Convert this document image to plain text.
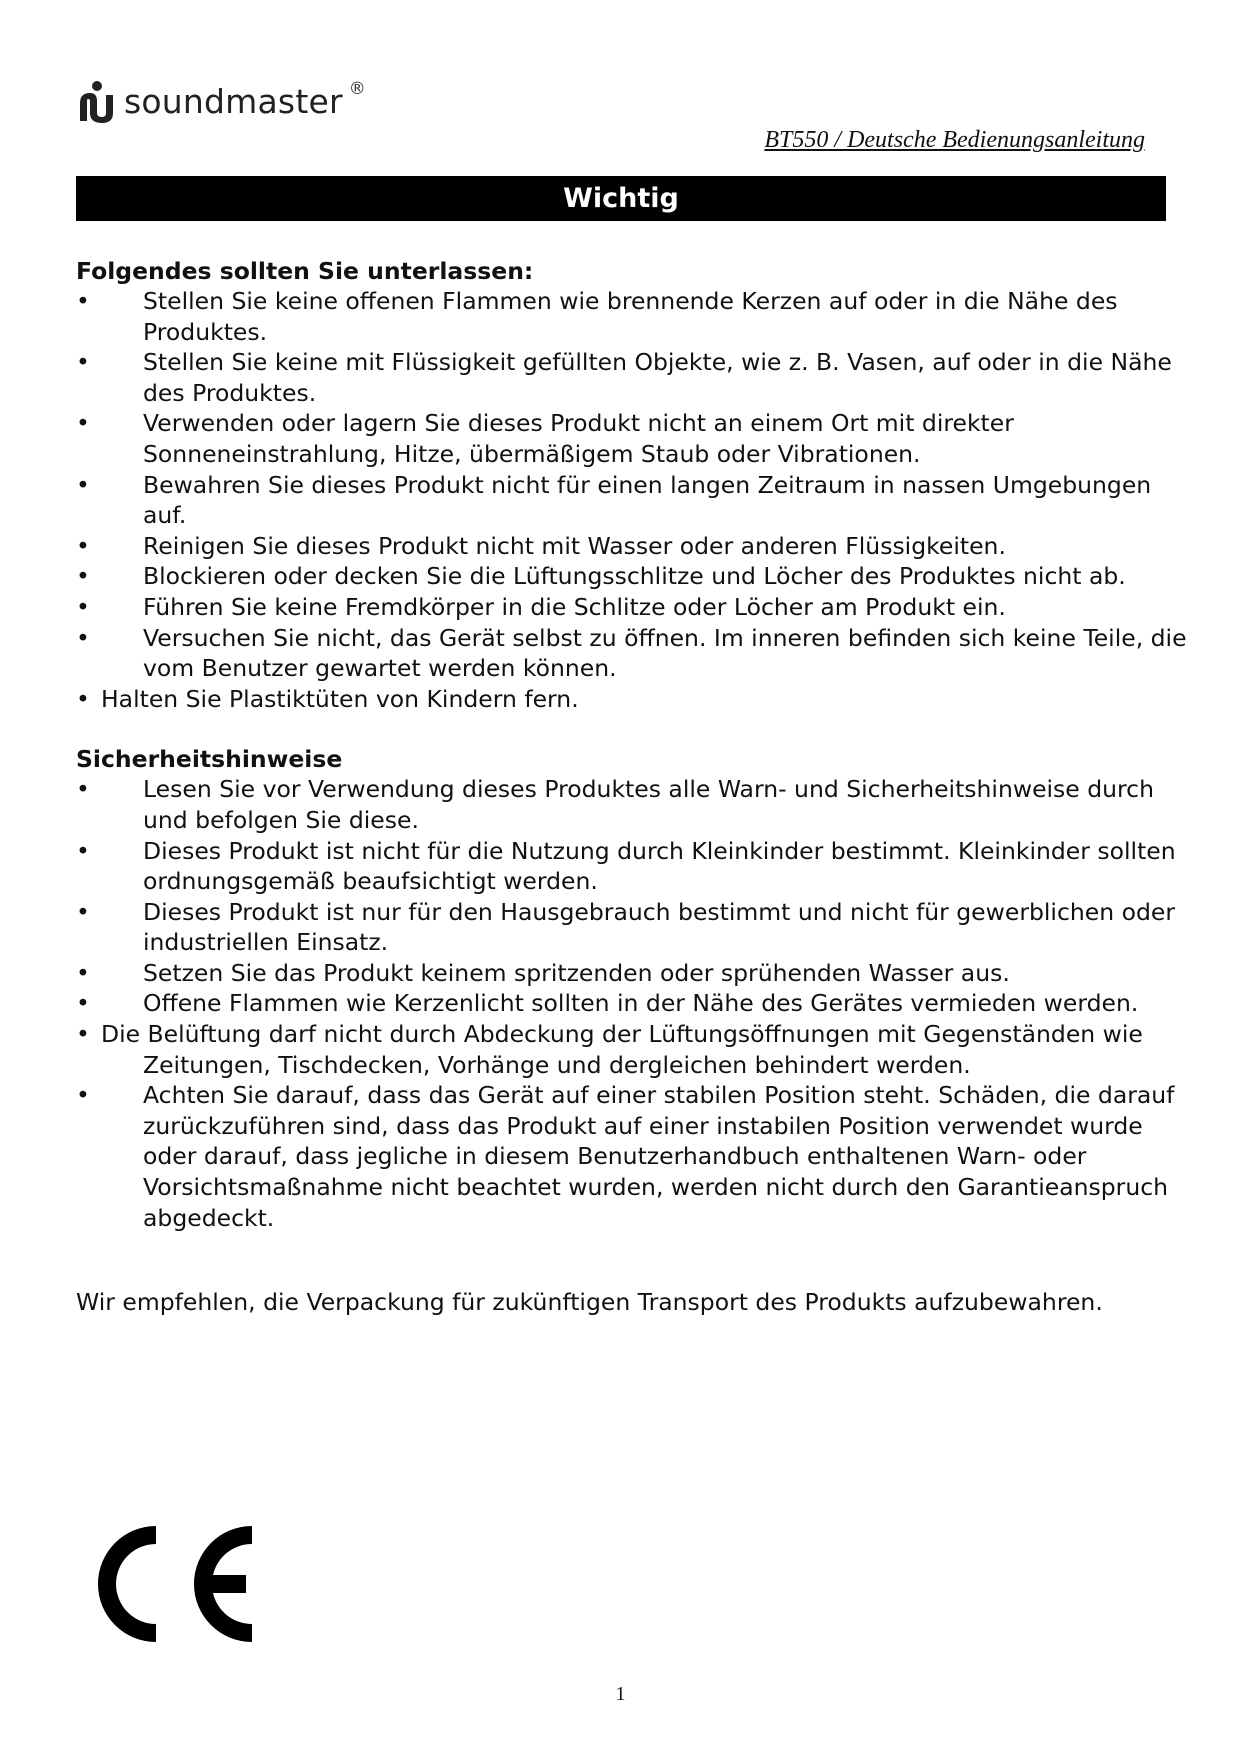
soundmaster ®
BT550 / Deutsche Bedienungsanleitung
Wichtig

Folgendes sollten Sie unterlassen:

• Stellen Sie keine offenen Flammen wie brennende Kerzen auf oder in die Nähe des Produktes.
• Stellen Sie keine mit Flüssigkeit gefüllten Objekte, wie z. B. Vasen, auf oder in die Nähe des Produktes.
• Verwenden oder lagern Sie dieses Produkt nicht an einem Ort mit direkter Sonneneinstrahlung, Hitze, übermäßigem Staub oder Vibrationen.
• Bewahren Sie dieses Produkt nicht für einen langen Zeitraum in nassen Umgebungen auf.
• Reinigen Sie dieses Produkt nicht mit Wasser oder anderen Flüssigkeiten.
• Blockieren oder decken Sie die Lüftungsschlitze und Löcher des Produktes nicht ab.
• Führen Sie keine Fremdkörper in die Schlitze oder Löcher am Produkt ein.
• Versuchen Sie nicht, das Gerät selbst zu öffnen. Im inneren befinden sich keine Teile, die vom Benutzer gewartet werden können.
• Halten Sie Plastiktüten von Kindern fern.

Sicherheitshinweise

• Lesen Sie vor Verwendung dieses Produktes alle Warn- und Sicherheitshinweise durch und befolgen Sie diese.
• Dieses Produkt ist nicht für die Nutzung durch Kleinkinder bestimmt. Kleinkinder sollten ordnungsgemäß beaufsichtigt werden.
• Dieses Produkt ist nur für den Hausgebrauch bestimmt und nicht für gewerblichen oder industriellen Einsatz.
• Setzen Sie das Produkt keinem spritzenden oder sprühenden Wasser aus.
• Offene Flammen wie Kerzenlicht sollten in der Nähe des Gerätes vermieden werden.
• Die Belüftung darf nicht durch Abdeckung der Lüftungsöffnungen mit Gegenständen wie Zeitungen, Tischdecken, Vorhänge und dergleichen behindert werden.
• Achten Sie darauf, dass das Gerät auf einer stabilen Position steht. Schäden, die darauf zurückzuführen sind, dass das Produkt auf einer instabilen Position verwendet wurde oder darauf, dass jegliche in diesem Benutzerhandbuch enthaltenen Warn- oder Vorsichtsmaßnahme nicht beachtet wurden, werden nicht durch den Garantieanspruch abgedeckt.

Wir empfehlen, die Verpackung für zukünftigen Transport des Produkts aufzubewahren.

1
